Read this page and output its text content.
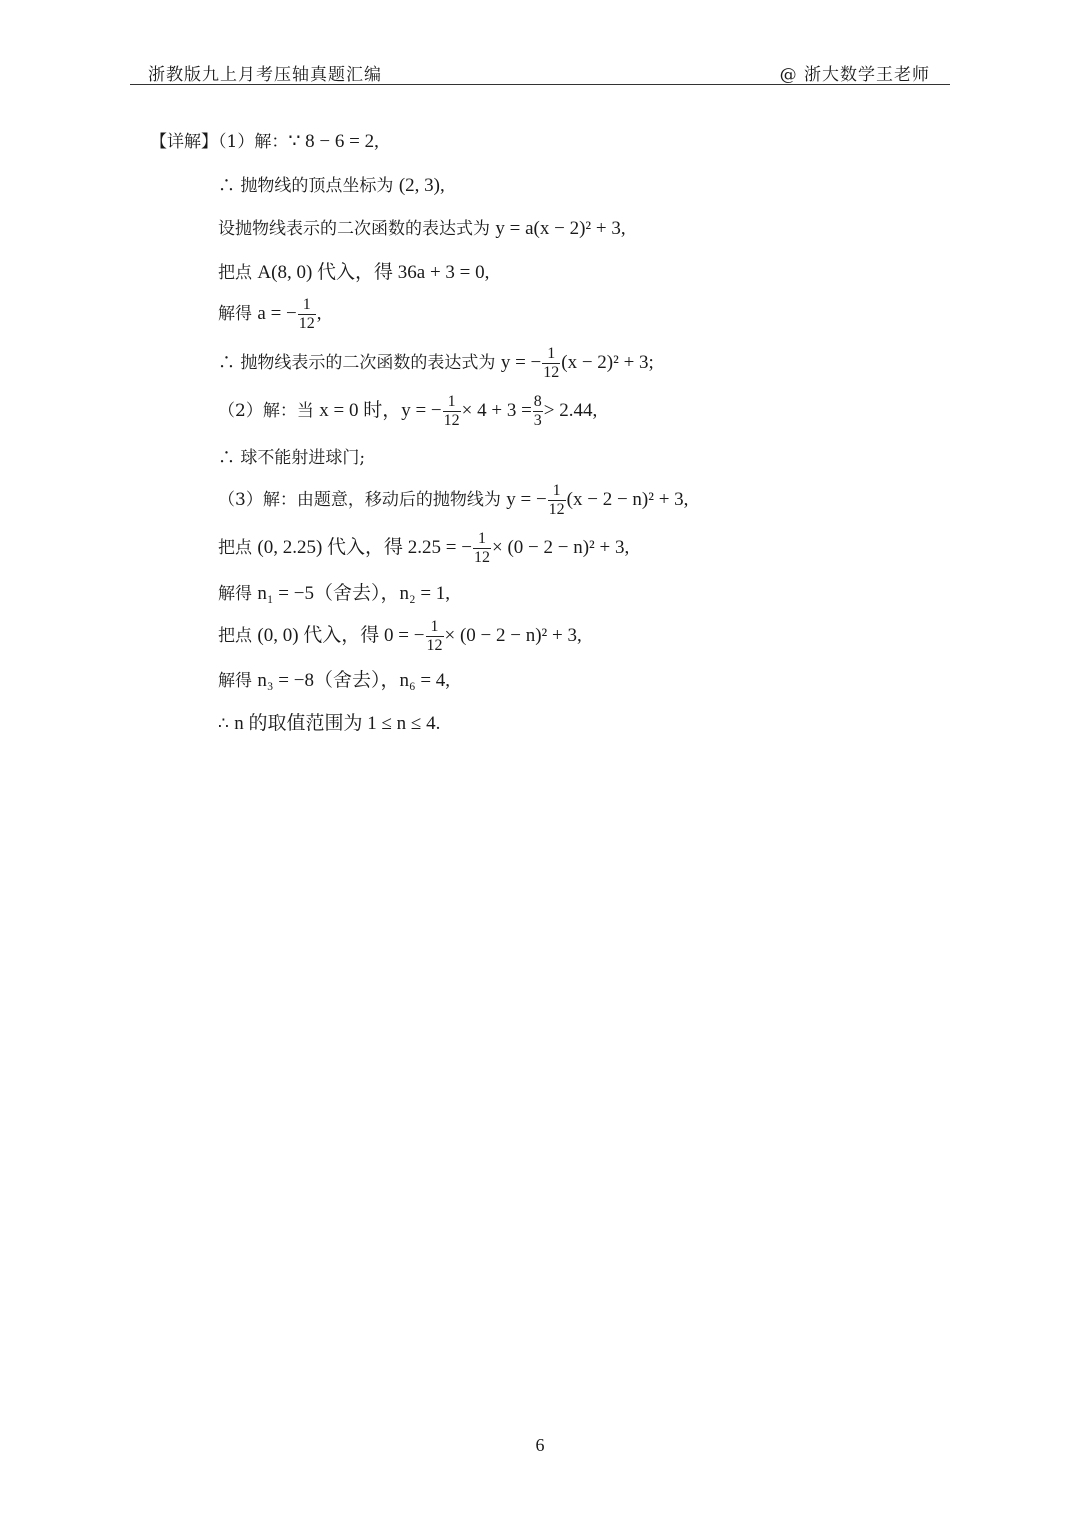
浙教版九上月考压轴真题汇编	@ 浙大数学王老师
【详解】（1）解：∵ 8 − 6 = 2,
∴ 抛物线的顶点坐标为 (2, 3),
设抛物线表示的二次函数的表达式为 y = a(x − 2)² + 3,
把点 A(8, 0) 代入，得 36a + 3 = 0,
解得 a = − $\frac{1}{12}$ ,
∴ 抛物线表示的二次函数的表达式为 y = − $\frac{1}{12} (x - 2)^2 + 3$;
（2）解：当 x = 0 时，y = − $\frac{1}{12} \times 4 + 3 = \frac{8}{3} > 2.44$,
∴ 球不能射进球门;
（3）解：由题意，移动后的抛物线为 y = − $\frac{1}{12} (x - 2 - n)^2 + 3$,
把点 (0, 2.25) 代入，得 2.25 = − $\frac{1}{12} \times (0 - 2 - n)^2 + 3$,
解得 n₁ = −5（舍去），n₂ = 1,
把点 (0, 0) 代入，得 0 = − $\frac{1}{12} \times (0 - 2 - n)^2 + 3$,
解得 n₃ = −8（舍去），n₆ = 4,
∴ n 的取值范围为 1 ≤ n ≤ 4.
6
